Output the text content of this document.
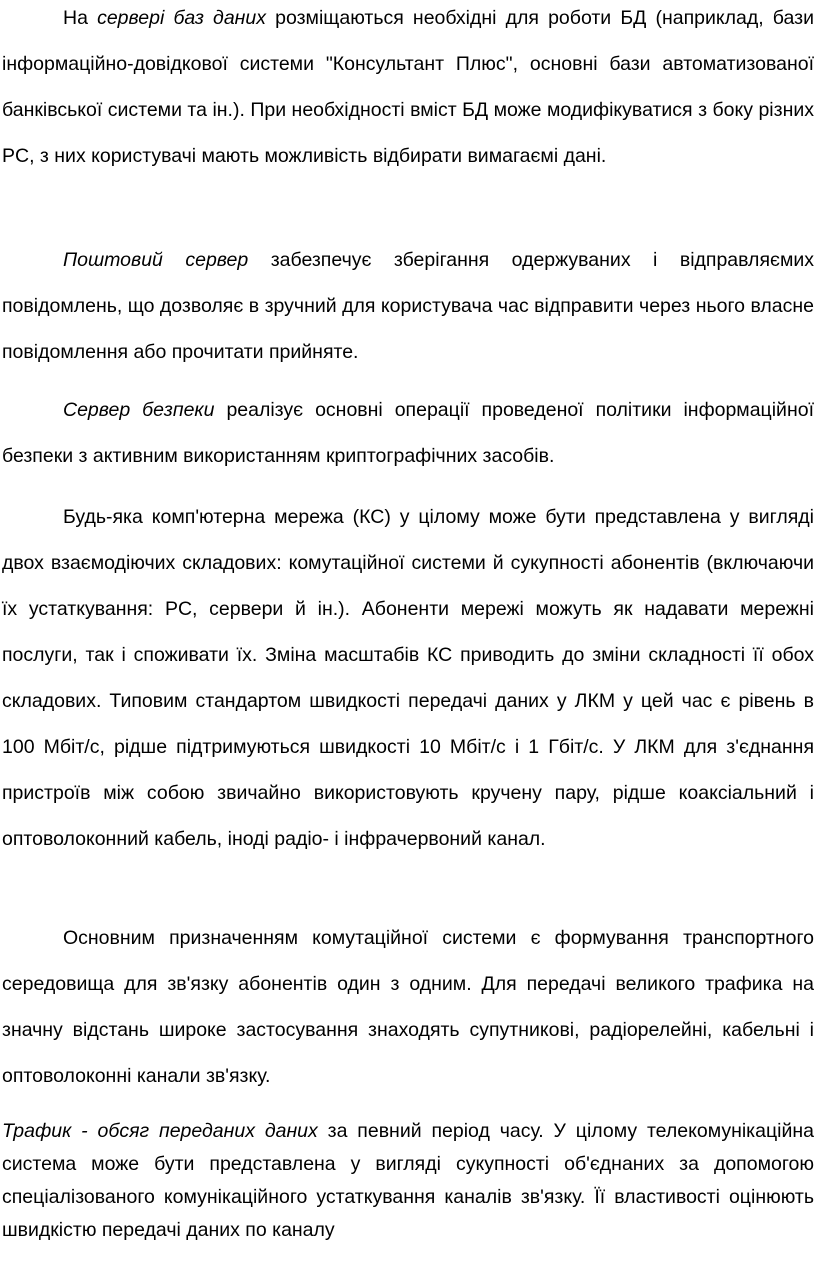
На сервері баз даних розміщаються необхідні для роботи БД (наприклад, бази інформаційно-довідкової системи "Консультант Плюс", основні бази автоматизованої банківської системи та ін.). При необхідності вміст БД може модифікуватися з боку різних PC, з них користувачі мають можливість відбирати вимагаємі дані.

Поштовий сервер забезпечує зберігання одержуваних і відправляємих повідомлень, що дозволяє в зручний для користувача час відправити через нього власне повідомлення або прочитати прийняте.

Сервер безпеки реалізує основні операції проведеної політики інформаційної безпеки з активним використанням криптографічних засобів.

Будь-яка комп'ютерна мережа (КС) у цілому може бути представлена у вигляді двох взаємодіючих складових: комутаційної системи й сукупності абонентів (включаючи їх устаткування: PC, сервери й ін.). Абоненти мережі можуть як надавати мережні послуги, так і споживати їх. Зміна масштабів КС приводить до зміни складності її обох складових. Типовим стандартом швидкості передачі даних у ЛКМ у цей час є рівень в 100 Мбіт/с, рідше підтримуються швидкості 10 Мбіт/с і 1 Гбіт/с. У ЛКМ для з'єднання пристроїв між собою звичайно використовують кручену пару, рідше коаксіальний і оптоволоконний кабель, іноді радіо- і інфрачервоний канал.

Основним призначенням комутаційної системи є формування транспортного середовища для зв'язку абонентів один з одним. Для передачі великого трафика на значну відстань широке застосування знаходять супутникові, радіорелейні, кабельні і оптоволоконні канали зв'язку.

Трафик - обсяг переданих даних за певний період часу. У цілому телекомунікаційна система може бути представлена у вигляді сукупності об'єднаних за допомогою спеціалізованого комунікаційного устаткування каналів зв'язку. Її властивості оцінюють швидкістю передачі даних по каналу
